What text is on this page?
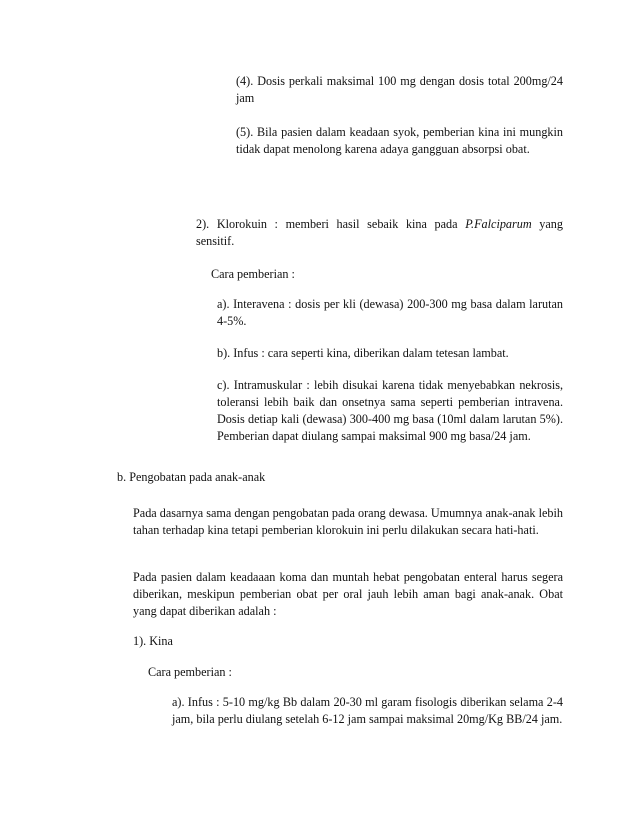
(4). Dosis perkali maksimal 100 mg dengan dosis total 200mg/24 jam

(5). Bila pasien dalam keadaan syok, pemberian kina ini mungkin tidak dapat menolong karena adaya gangguan absorpsi obat.

2). Klorokuin : memberi hasil sebaik kina pada P.Falciparum yang sensitif.

Cara pemberian :

a). Interavena : dosis per kli (dewasa) 200-300 mg basa dalam larutan 4-5%.

b). Infus : cara seperti kina, diberikan dalam tetesan lambat.

c). Intramuskular : lebih disukai karena tidak menyebabkan nekrosis, toleransi lebih baik dan onsetnya sama seperti pemberian intravena. Dosis detiap kali (dewasa) 300-400 mg basa (10ml dalam larutan 5%). Pemberian dapat diulang sampai maksimal 900 mg basa/24 jam.

b. Pengobatan pada anak-anak

Pada dasarnya sama dengan pengobatan pada orang dewasa. Umumnya anak-anak lebih tahan terhadap kina tetapi pemberian klorokuin ini perlu dilakukan secara hati-hati.

Pada pasien dalam keadaaan koma dan muntah hebat pengobatan enteral harus segera diberikan, meskipun pemberian obat per oral jauh lebih aman bagi anak-anak. Obat yang dapat diberikan adalah :

1). Kina

Cara pemberian :

a). Infus : 5-10 mg/kg Bb dalam 20-30 ml garam fisologis diberikan selama 2-4 jam, bila perlu diulang setelah 6-12 jam sampai maksimal 20mg/Kg BB/24 jam.
